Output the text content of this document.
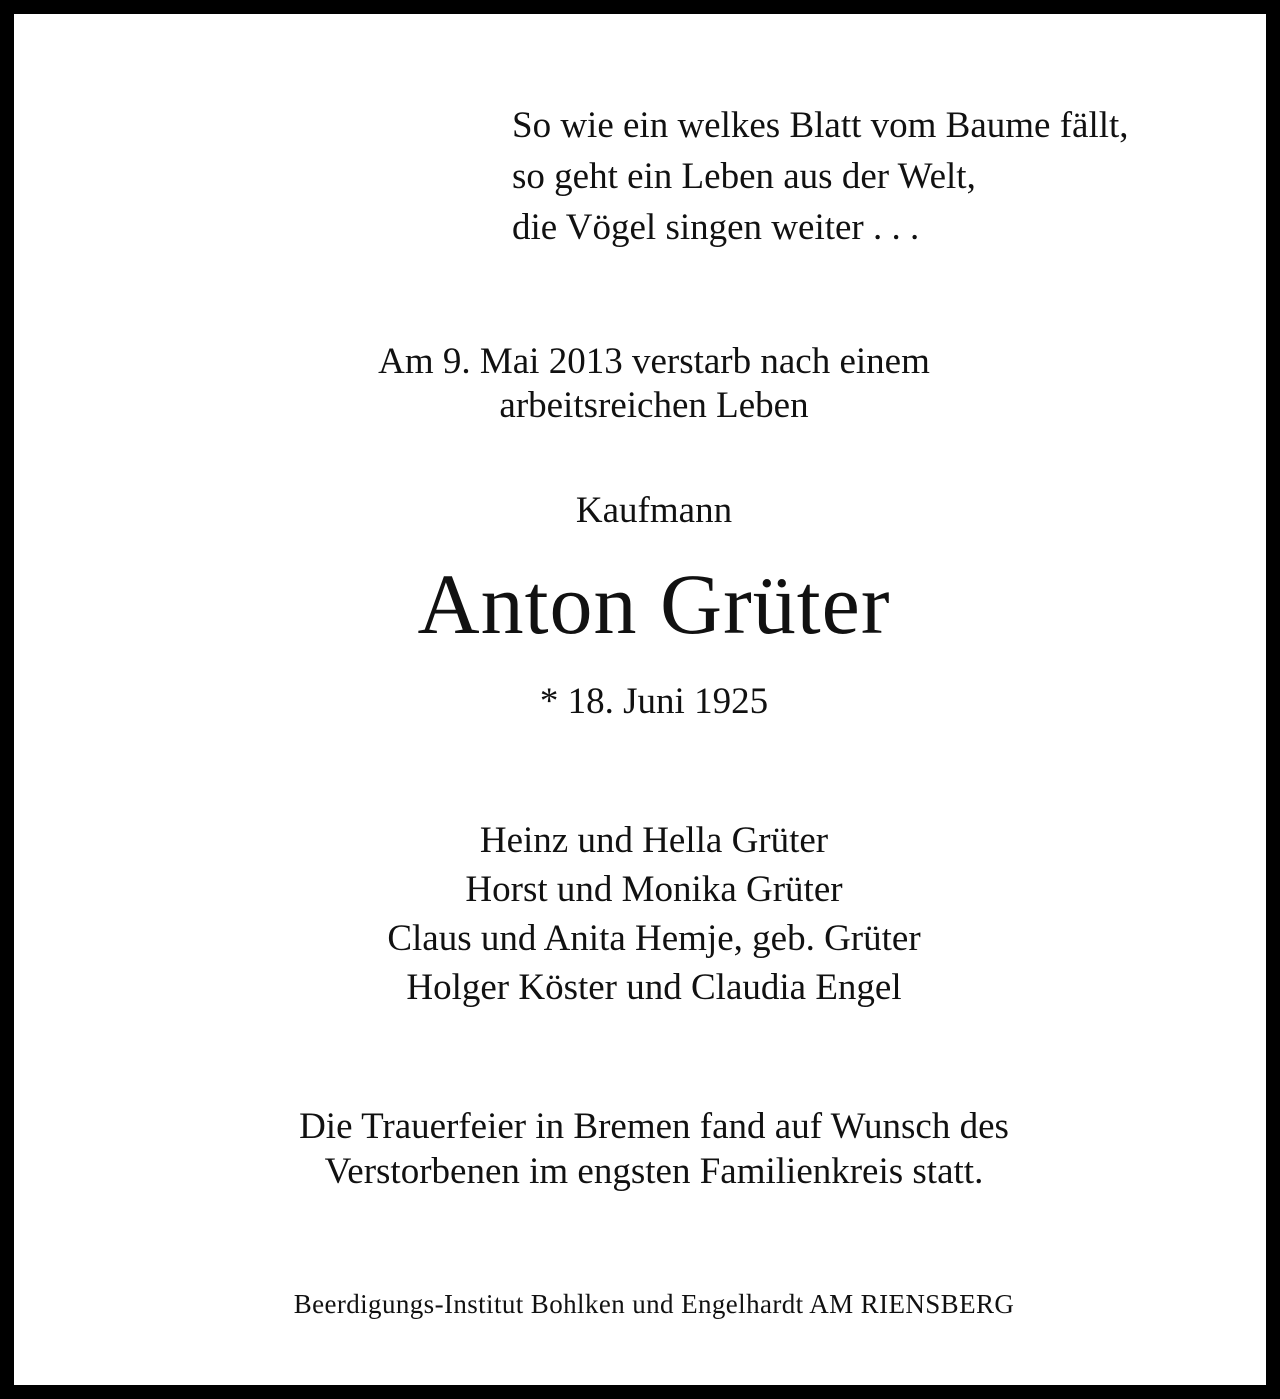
So wie ein welkes Blatt vom Baume fällt,
so geht ein Leben aus der Welt,
die Vögel singen weiter . . .
Am 9. Mai 2013 verstarb nach einem
arbeitsreichen Leben
Kaufmann
Anton Grüter
* 18. Juni 1925
Heinz und Hella Grüter
Horst und Monika Grüter
Claus und Anita Hemje, geb. Grüter
Holger Köster und Claudia Engel
Die Trauerfeier in Bremen fand auf Wunsch des
Verstorbenen im engsten Familienkreis statt.
Beerdigungs-Institut Bohlken und Engelhardt AM RIENSBERG
